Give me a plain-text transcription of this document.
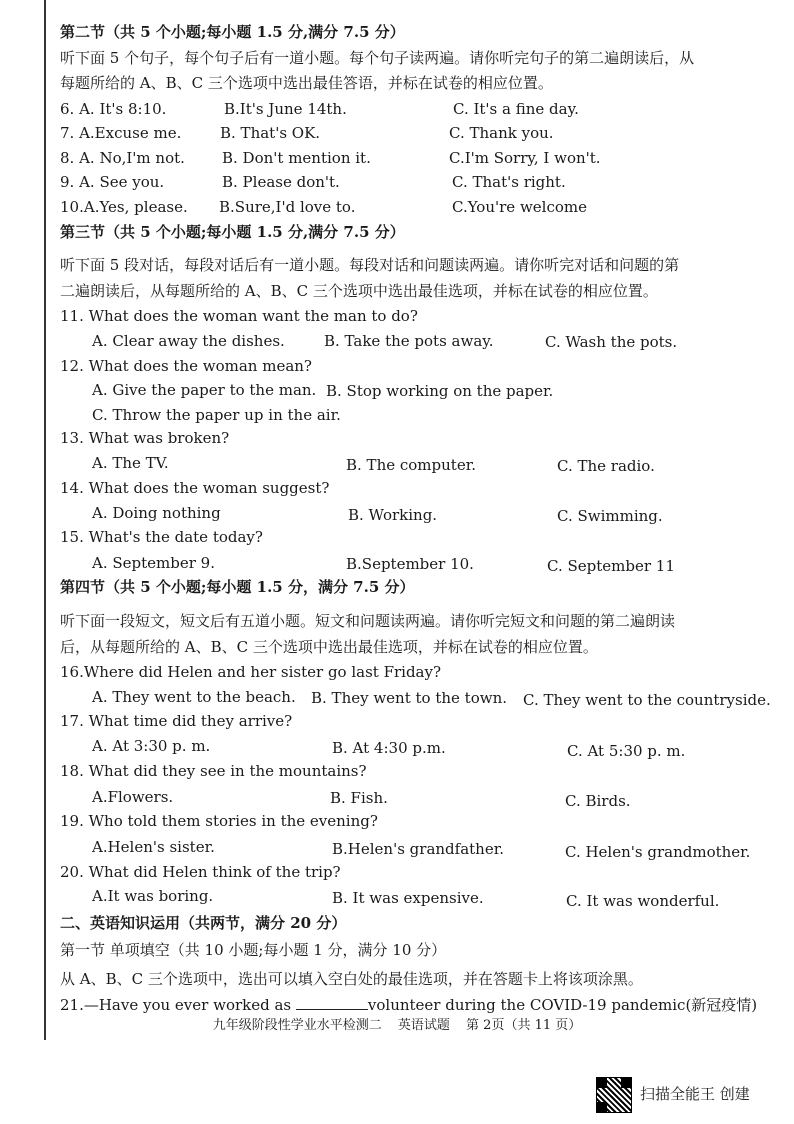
第二节（共 5 个小题;每小题 1.5 分,满分 7.5 分）
听下面 5 个句子，每个句子后有一道小题。每个句子读两遍。请你听完句子的第二遍朗读后，从
每题所给的 A、B、C 三个选项中选出最佳答语，并标在试卷的相应位置。
6. A. It's 8:10.	B.It's June 14th.	C. It's a fine day.
7. A.Excuse me.	B. That's OK.	C. Thank you.
8. A. No,I'm not. B. Don't mention it.	C.I'm Sorry, I won't.
9. A. See you.	B. Please don't.	C. That's right.
10.A.Yes, please. B.Sure,I'd love to.	C.You're welcome
第三节（共 5 个小题;每小题 1.5 分,满分 7.5 分）
听下面 5 段对话，每段对话后有一道小题。每段对话和问题读两遍。请你听完对话和问题的第
二遍朗读后，从每题所给的 A、B、C 三个选项中选出最佳选项，并标在试卷的相应位置。
11. What does the woman want the man to do?
A. Clear away the dishes.	B. Take the pots away.	C. Wash the pots.
12. What does the woman mean?
A. Give the paper to the man. B. Stop working on the paper.
C. Throw the paper up in the air.
13. What was broken?
A. The TV.	B. The computer.	C. The radio.
14. What does the woman suggest?
A. Doing nothing	B. Working.	C. Swimming.
15. What's the date today?
A. September 9.	B.September 10.	C. September 11
第四节（共 5 个小题;每小题 1.5 分，满分 7.5 分）
听下面一段短文，短文后有五道小题。短文和问题读两遍。请你听完短文和问题的第二遍朗读
后，从每题所给的 A、B、C 三个选项中选出最佳选项，并标在试卷的相应位置。
16.Where did Helen and her sister go last Friday?
A. They went to the beach. B. They went to the town. C. They went to the countryside.
17. What time did they arrive?
A. At 3:30 p. m.	B. At 4:30 p.m.	C. At 5:30 p. m.
18. What did they see in the mountains?
A.Flowers.	B. Fish.	C. Birds.
19. Who told them stories in the evening?
A.Helen's sister.	B.Helen's grandfather.	C. Helen's grandmother.
20. What did Helen think of the trip?
A.It was boring.	B. It was expensive.	C. It was wonderful.
二、英语知识运用（共两节，满分 20 分）
第一节 单项填空（共 10 小题;每小题 1 分，满分 10 分）
从 A、B、C 三个选项中，选出可以填入空白处的最佳选项，并在答题卡上将该项涂黑。
21.—Have you ever worked as	volunteer during the COVID-19 pandemic(新冠疫情)
九年级阶段性学业水平检测二 英语试题 第 2页（共 11 页）
扫描全能王 创建
